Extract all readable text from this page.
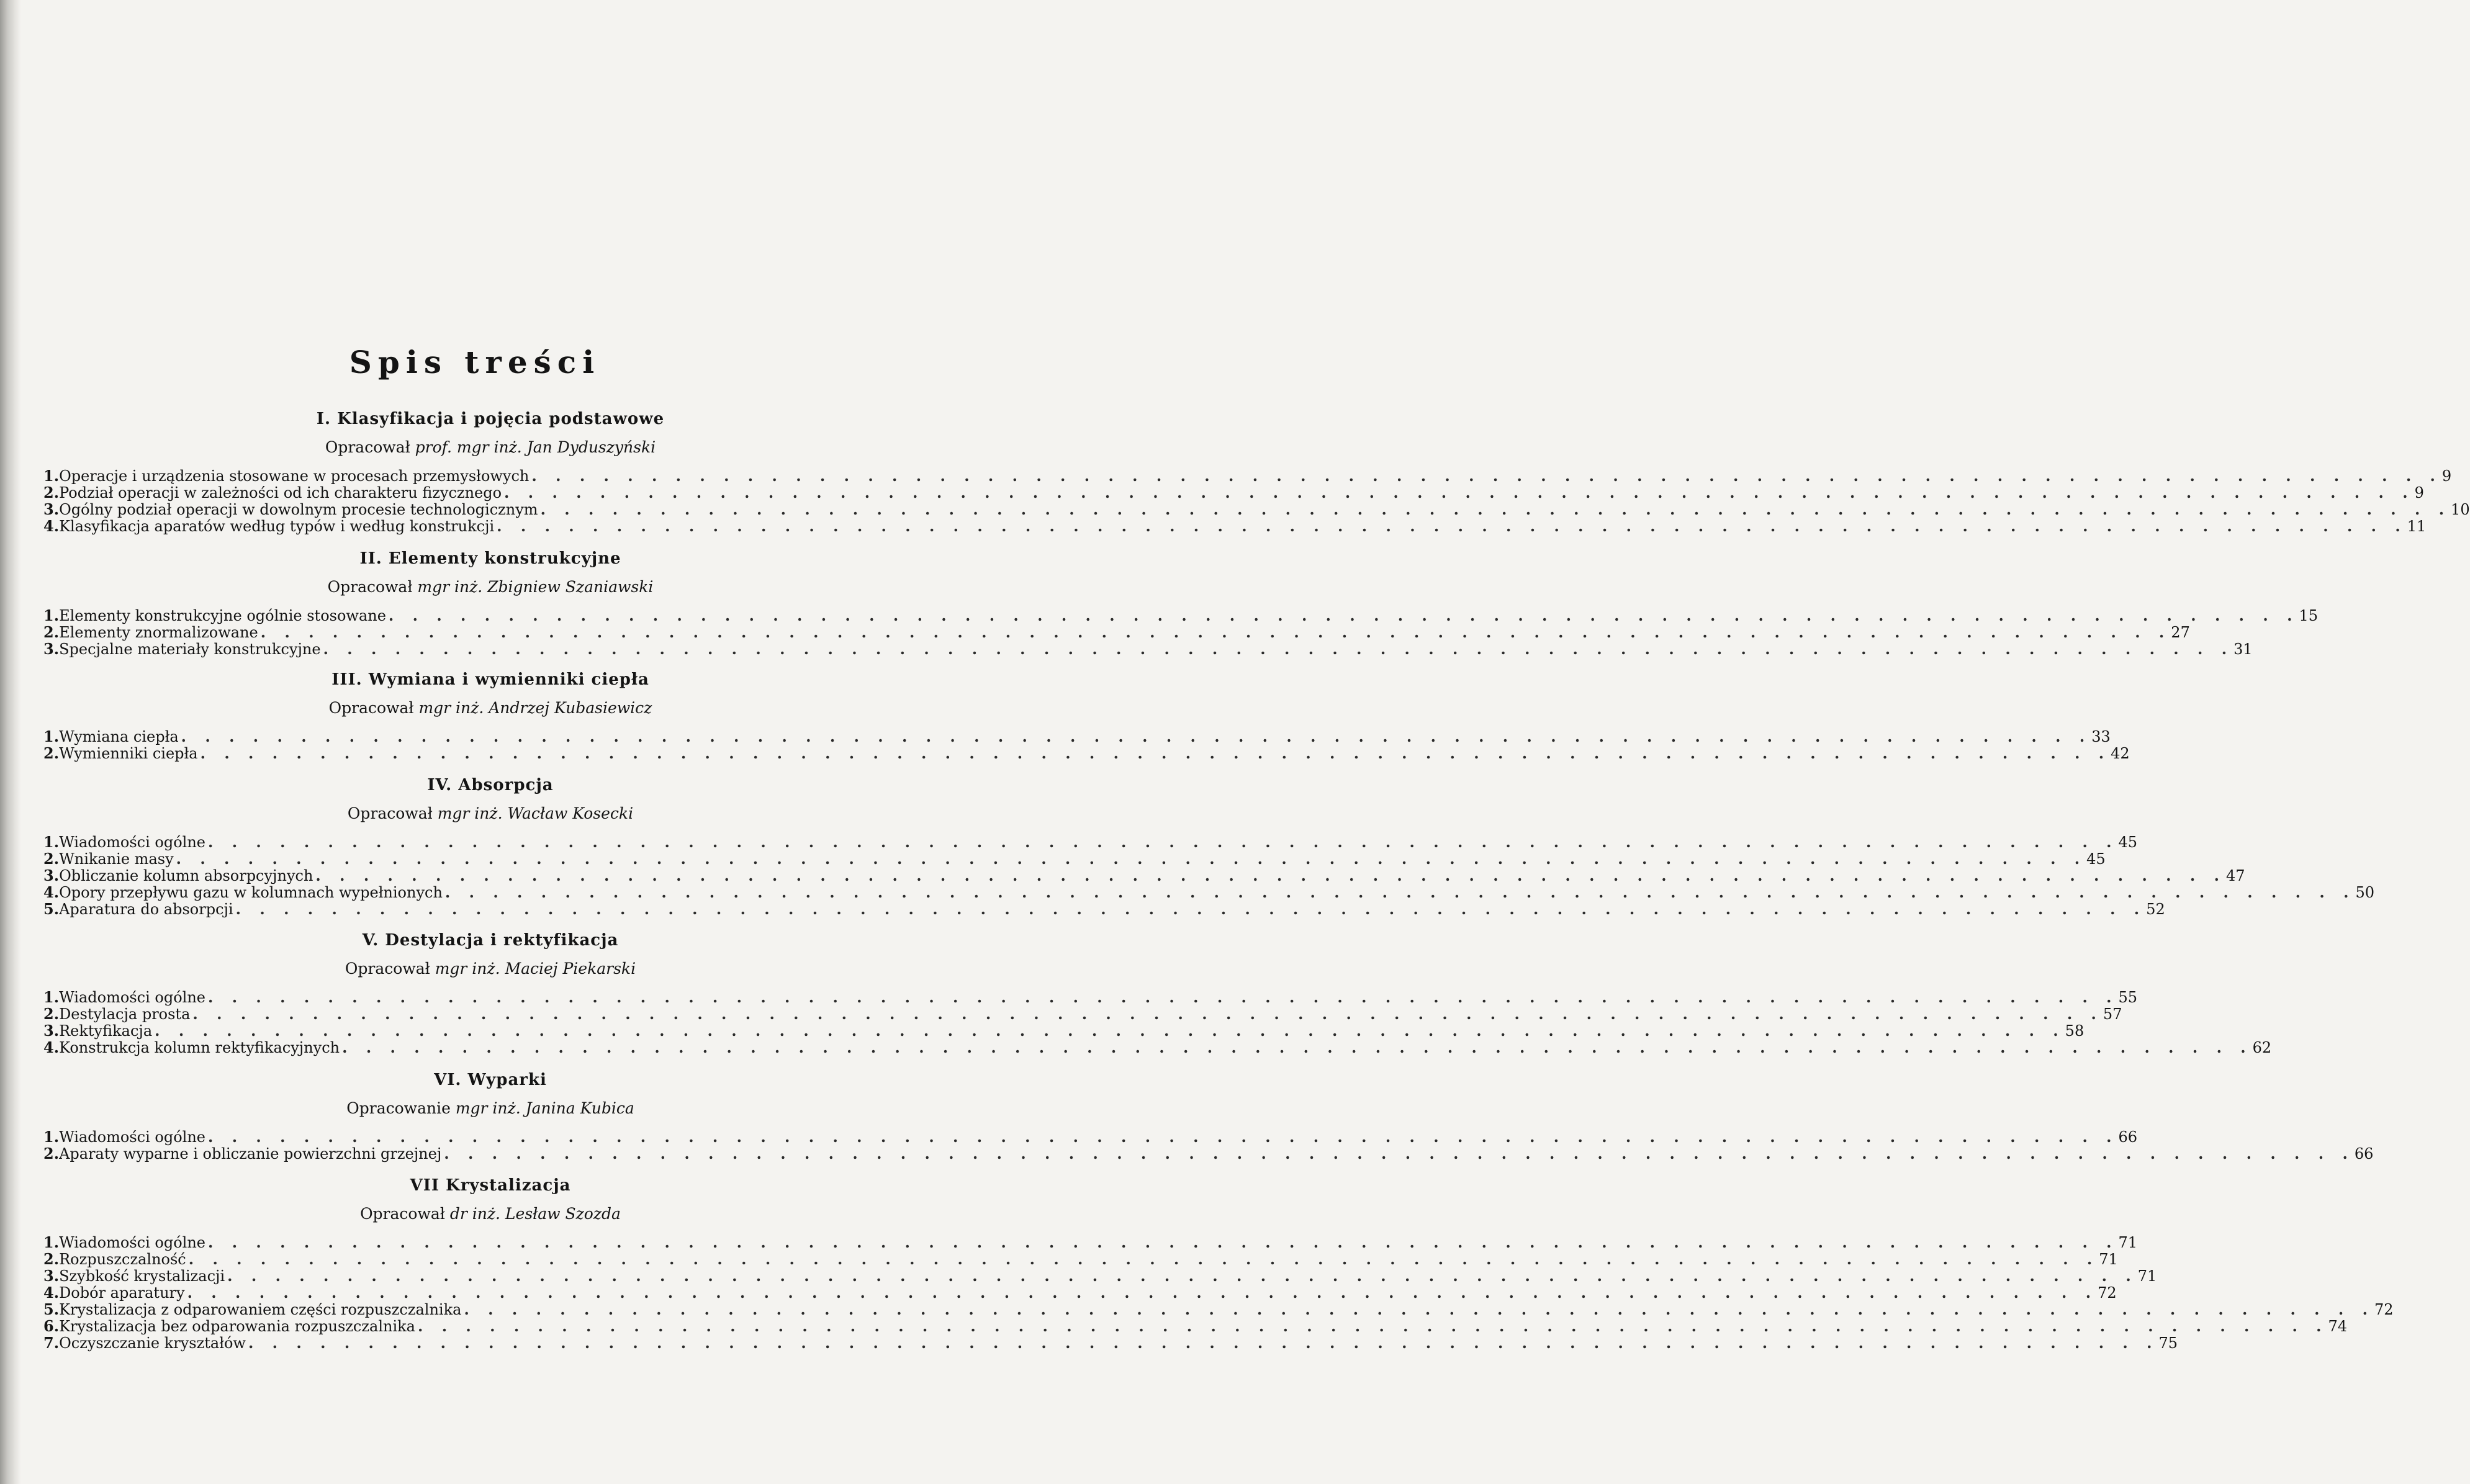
Spis treści
I. Klasyfikacja i pojęcia podstawowe
Opracował prof. mgr inż. Jan Dyduszyński
1. Operacje i urządzenia stosowane w procesach przemysłowych . . . . . . . . . . . . . . . . . . . . . . . . . . . . . . . . . . . . . . . . . . . . . . . . . . . . . . . . . . . . . . . . . . . . . . . . . . . . . . . . 9
2. Podział operacji w zależności od ich charakteru fizycznego . . . . . . . . . . . . . . . . . . . . . . . . . . . . . . . . . . . . . . . . . . . . . . . . . . . . . . . . . . . . . . . . . . . . . . . . . . . . . . . . 9
3. Ogólny podział operacji w dowolnym procesie technologicznym . . . . . . . . . . . . . . . . . . . . . . . . . . . . . . . . . . . . . . . . . . . . . . . . . . . . . . . . . . . . . . . . . . . . . . . . . . . . . . . . 10
4. Klasyfikacja aparatów według typów i według konstrukcji . . . . . . . . . . . . . . . . . . . . . . . . . . . . . . . . . . . . . . . . . . . . . . . . . . . . . . . . . . . . . . . . . . . . . . . . . . . . . . . . 11
II. Elementy konstrukcyjne
Opracował mgr inż. Zbigniew Szaniawski
1. Elementy konstrukcyjne ogólnie stosowane . . . . . . . . . . . . . . . . . . . . . . . . . . . . . . . . . . . . . . . . . . . . . . . . . . . . . . . . . . . . . . . . . . . . . . . . . . . . . . . . 15
2. Elementy znormalizowane . . . . . . . . . . . . . . . . . . . . . . . . . . . . . . . . . . . . . . . . . . . . . . . . . . . . . . . . . . . . . . . . . . . . . . . . . . . . . . . . 27
3. Specjalne materiały konstrukcyjne . . . . . . . . . . . . . . . . . . . . . . . . . . . . . . . . . . . . . . . . . . . . . . . . . . . . . . . . . . . . . . . . . . . . . . . . . . . . . . . . 31
III. Wymiana i wymienniki ciepła
Opracował mgr inż. Andrzej Kubasiewicz
1. Wymiana ciepła . . . . . . . . . . . . . . . . . . . . . . . . . . . . . . . . . . . . . . . . . . . . . . . . . . . . . . . . . . . . . . . . . . . . . . . . . . . . . . . . 33
2. Wymienniki ciepła . . . . . . . . . . . . . . . . . . . . . . . . . . . . . . . . . . . . . . . . . . . . . . . . . . . . . . . . . . . . . . . . . . . . . . . . . . . . . . . . 42
IV. Absorpcja
Opracował mgr inż. Wacław Kosecki
1. Wiadomości ogólne . . . . . . . . . . . . . . . . . . . . . . . . . . . . . . . . . . . . . . . . . . . . . . . . . . . . . . . . . . . . . . . . . . . . . . . . . . . . . . . . 45
2. Wnikanie masy . . . . . . . . . . . . . . . . . . . . . . . . . . . . . . . . . . . . . . . . . . . . . . . . . . . . . . . . . . . . . . . . . . . . . . . . . . . . . . . . 45
3. Obliczanie kolumn absorpcyjnych . . . . . . . . . . . . . . . . . . . . . . . . . . . . . . . . . . . . . . . . . . . . . . . . . . . . . . . . . . . . . . . . . . . . . . . . . . . . . . . . 47
4. Opory przepływu gazu w kolumnach wypełnionych . . . . . . . . . . . . . . . . . . . . . . . . . . . . . . . . . . . . . . . . . . . . . . . . . . . . . . . . . . . . . . . . . . . . . . . . . . . . . . . . 50
5. Aparatura do absorpcji . . . . . . . . . . . . . . . . . . . . . . . . . . . . . . . . . . . . . . . . . . . . . . . . . . . . . . . . . . . . . . . . . . . . . . . . . . . . . . . . 52
V. Destylacja i rektyfikacja
Opracował mgr inż. Maciej Piekarski
1. Wiadomości ogólne . . . . . . . . . . . . . . . . . . . . . . . . . . . . . . . . . . . . . . . . . . . . . . . . . . . . . . . . . . . . . . . . . . . . . . . . . . . . . . . . 55
2. Destylacja prosta . . . . . . . . . . . . . . . . . . . . . . . . . . . . . . . . . . . . . . . . . . . . . . . . . . . . . . . . . . . . . . . . . . . . . . . . . . . . . . . . 57
3. Rektyfikacja . . . . . . . . . . . . . . . . . . . . . . . . . . . . . . . . . . . . . . . . . . . . . . . . . . . . . . . . . . . . . . . . . . . . . . . . . . . . . . . . 58
4. Konstrukcja kolumn rektyfikacyjnych . . . . . . . . . . . . . . . . . . . . . . . . . . . . . . . . . . . . . . . . . . . . . . . . . . . . . . . . . . . . . . . . . . . . . . . . . . . . . . . . 62
VI. Wyparki
Opracowanie mgr inż. Janina Kubica
1. Wiadomości ogólne . . . . . . . . . . . . . . . . . . . . . . . . . . . . . . . . . . . . . . . . . . . . . . . . . . . . . . . . . . . . . . . . . . . . . . . . . . . . . . . . 66
2. Aparaty wyparne i obliczanie powierzchni grzejnej . . . . . . . . . . . . . . . . . . . . . . . . . . . . . . . . . . . . . . . . . . . . . . . . . . . . . . . . . . . . . . . . . . . . . . . . . . . . . . . . 66
VII Krystalizacja
Opracował dr inż. Lesław Szozda
1. Wiadomości ogólne . . . . . . . . . . . . . . . . . . . . . . . . . . . . . . . . . . . . . . . . . . . . . . . . . . . . . . . . . . . . . . . . . . . . . . . . . . . . . . . . 71
2. Rozpuszczalność . . . . . . . . . . . . . . . . . . . . . . . . . . . . . . . . . . . . . . . . . . . . . . . . . . . . . . . . . . . . . . . . . . . . . . . . . . . . . . . . 71
3. Szybkość krystalizacji . . . . . . . . . . . . . . . . . . . . . . . . . . . . . . . . . . . . . . . . . . . . . . . . . . . . . . . . . . . . . . . . . . . . . . . . . . . . . . . . 71
4. Dobór aparatury . . . . . . . . . . . . . . . . . . . . . . . . . . . . . . . . . . . . . . . . . . . . . . . . . . . . . . . . . . . . . . . . . . . . . . . . . . . . . . . . 72
5. Krystalizacja z odparowaniem części rozpuszczalnika . . . . . . . . . . . . . . . . . . . . . . . . . . . . . . . . . . . . . . . . . . . . . . . . . . . . . . . . . . . . . . . . . . . . . . . . . . . . . . . . 72
6. Krystalizacja bez odparowania rozpuszczalnika . . . . . . . . . . . . . . . . . . . . . . . . . . . . . . . . . . . . . . . . . . . . . . . . . . . . . . . . . . . . . . . . . . . . . . . . . . . . . . . . 74
7. Oczyszczanie kryształów . . . . . . . . . . . . . . . . . . . . . . . . . . . . . . . . . . . . . . . . . . . . . . . . . . . . . . . . . . . . . . . . . . . . . . . . . . . . . . . . 75
